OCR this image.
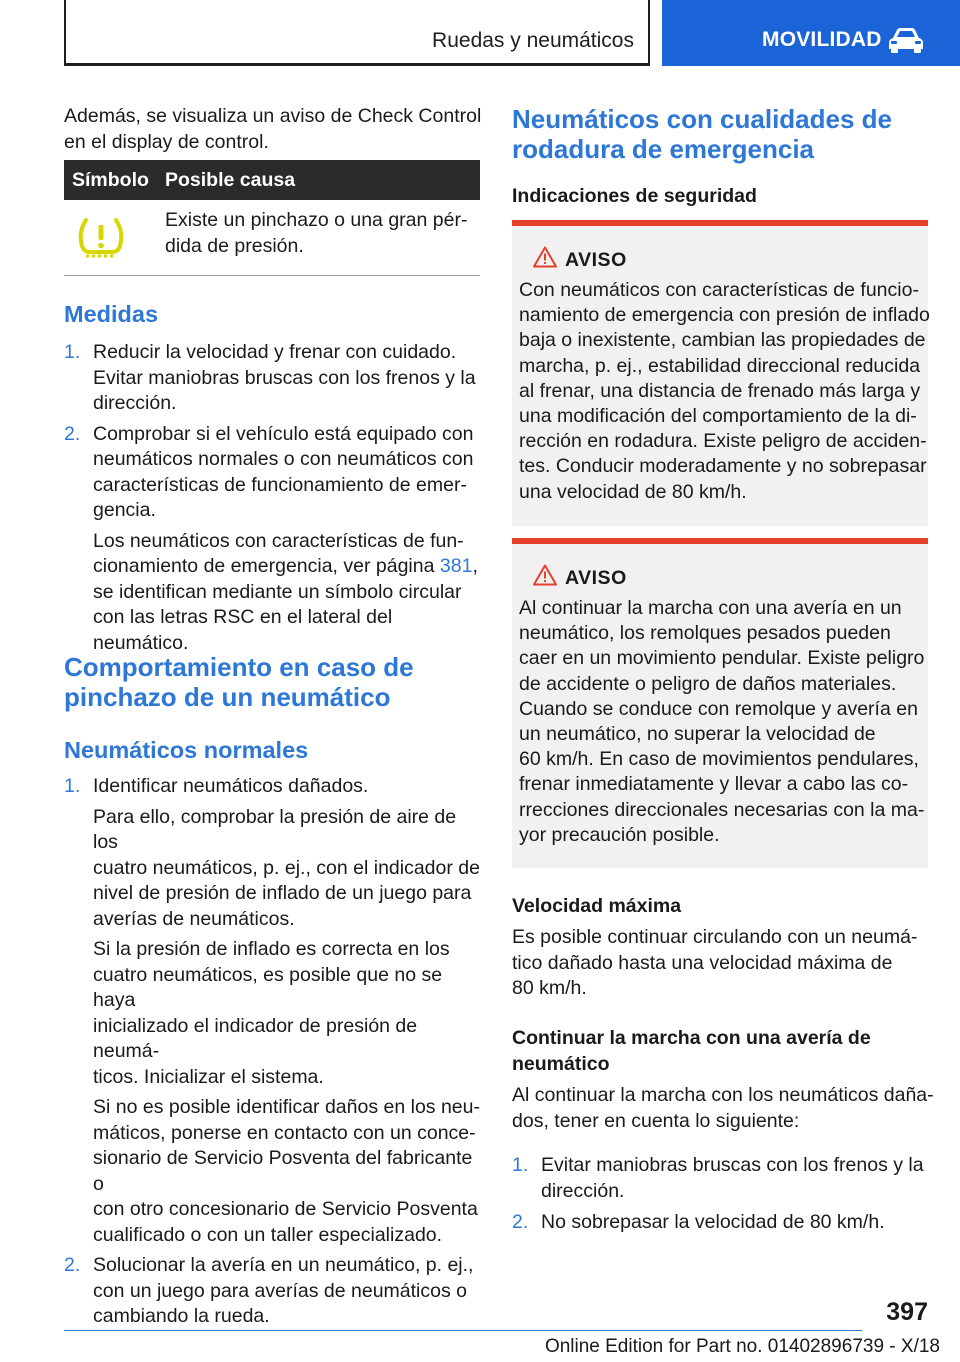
Ruedas y neumáticos	MOVILIDAD

Además, se visualiza un aviso de Check Control
en el display de control.

Símbolo Posible causa

Existe un pinchazo o una gran pér-
dida de presión.

Medidas
1. Reducir la velocidad y frenar con cuidado.
Evitar maniobras bruscas con los frenos y la
dirección.

2. Comprobar si el vehículo está equipado con
neumáticos normales o con neumáticos con
características de funcionamiento de emer-
gencia.

Los neumáticos con características de fun-
cionamiento de emergencia, ver página 381,
se identifican mediante un símbolo circular
con las letras RSC en el lateral del neumático.

Comportamiento en caso de
pinchazo de un neumático
Neumáticos normales
1. Identificar neumáticos dañados.

Para ello, comprobar la presión de aire de los
cuatro neumáticos, p. ej., con el indicador de
nivel de presión de inflado de un juego para
averías de neumáticos.

Si la presión de inflado es correcta en los
cuatro neumáticos, es posible que no se haya
inicializado el indicador de presión de neumá-
ticos. Inicializar el sistema.

Si no es posible identificar daños en los neu-
máticos, ponerse en contacto con un conce-
sionario de Servicio Posventa del fabricante o
con otro concesionario de Servicio Posventa
cualificado o con un taller especializado.

2. Solucionar la avería en un neumático, p. ej.,
con un juego para averías de neumáticos o
cambiando la rueda.

Neumáticos con cualidades de
rodadura de emergencia

Indicaciones de seguridad

AVISO

Con neumáticos con características de funcio-
namiento de emergencia con presión de inflado
baja o inexistente, cambian las propiedades de
marcha, p. ej., estabilidad direccional reducida
al frenar, una distancia de frenado más larga y
una modificación del comportamiento de la di-
rección en rodadura. Existe peligro de acciden-
tes. Conducir moderadamente y no sobrepasar
una velocidad de 80 km/h.

AVISO

Al continuar la marcha con una avería en un
neumático, los remolques pesados pueden
caer en un movimiento pendular. Existe peligro
de accidente o peligro de daños materiales.
Cuando se conduce con remolque y avería en
un neumático, no superar la velocidad de
60 km/h. En caso de movimientos pendulares,
frenar inmediatamente y llevar a cabo las co-
rrecciones direccionales necesarias con la ma-
yor precaución posible.

Velocidad máxima

Es posible continuar circulando con un neumá-
tico dañado hasta una velocidad máxima de
80 km/h.

Continuar la marcha con una avería de
neumático

Al continuar la marcha con los neumáticos daña-
dos, tener en cuenta lo siguiente:

1. Evitar maniobras bruscas con los frenos y la
dirección.

2. No sobrepasar la velocidad de 80 km/h.

397
Online Edition for Part no. 01402896739 - X/18
